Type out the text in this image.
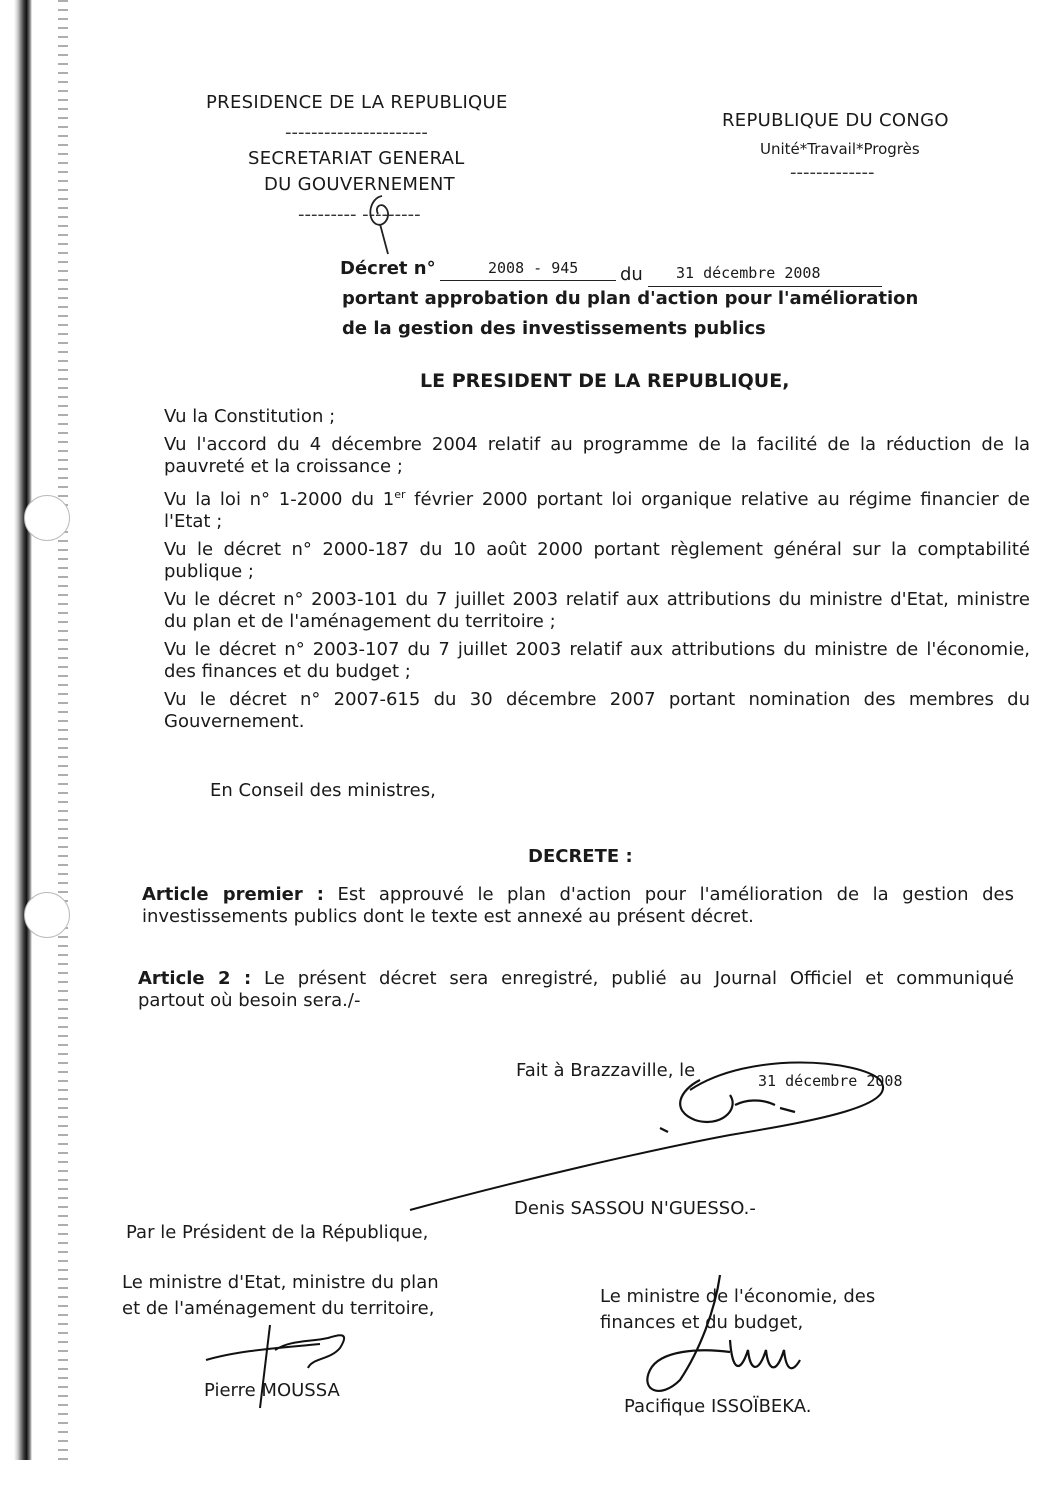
PRESIDENCE DE LA REPUBLIQUE
----------------------
SECRETARIAT GENERAL
DU GOUVERNEMENT
--------- ---------
REPUBLIQUE DU CONGO
Unité*Travail*Progrès
-------------
Décret n°	2008 - 945 du 31 décembre 2008
portant approbation du plan d'action pour l'amélioration
de la gestion des investissements publics
LE PRESIDENT DE LA REPUBLIQUE,
Vu la Constitution ;
Vu l'accord du 4 décembre 2004 relatif au programme de la facilité de la réduction de la
pauvreté et la croissance ;
Vu la loi n° 1-2000 du 1er février 2000 portant loi organique relative au régime financier de
l'Etat ;
Vu le décret n° 2000-187 du 10 août 2000 portant règlement général sur la comptabilité
publique ;
Vu le décret n° 2003-101 du 7 juillet 2003 relatif aux attributions du ministre d'Etat, ministre
du plan et de l'aménagement du territoire ;
Vu le décret n° 2003-107 du 7 juillet 2003 relatif aux attributions du ministre de l'économie,
des finances et du budget ;
Vu le décret n° 2007-615 du 30 décembre 2007 portant nomination des membres du
Gouvernement.
En Conseil des ministres,
DECRETE :
Article premier : Est approuvé le plan d'action pour l'amélioration de la gestion des
investissements publics dont le texte est annexé au présent décret.
Article 2 : Le présent décret sera enregistré, publié au Journal Officiel et communiqué
partout où besoin sera./-
Fait à Brazzaville, le	31 décembre 2008
Denis SASSOU N'GUESSO.-
Par le Président de la République,
Le ministre d'Etat, ministre du plan
et de l'aménagement du territoire,
Pierre MOUSSA
Le ministre de l'économie, des
finances et du budget,
Pacifique ISSOÏBEKA.
